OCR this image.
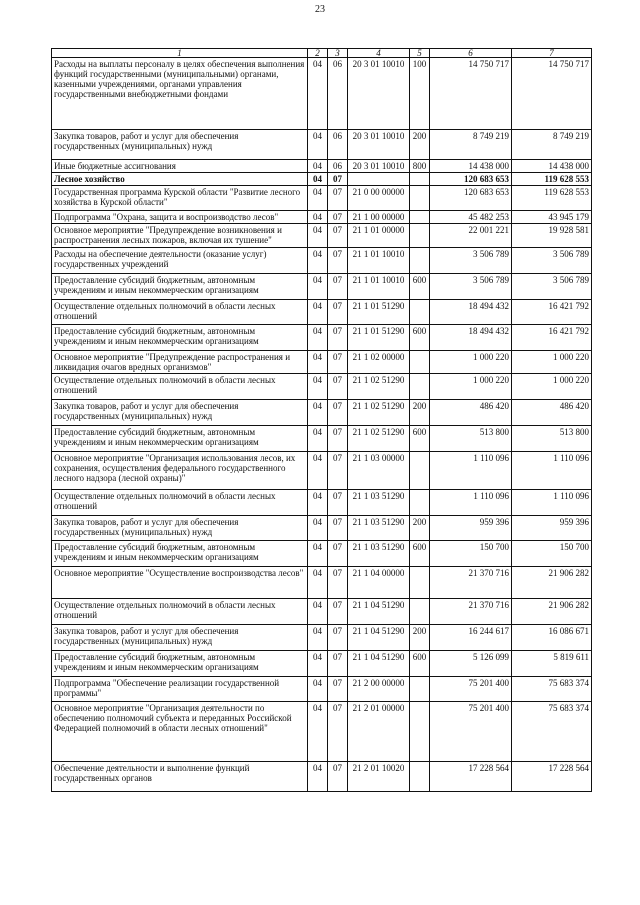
23
1	2	3	4	5	6	7
Расходы на выплаты персоналу в целях обеспечения выполнения функций государственными (муниципальными) органами, казенными учреждениями, органами управления государственными внебюджетными фондами	04	06	20 3 01 10010	100	14 750 717	14 750 717
Закупка товаров, работ и услуг для обеспечения государственных (муниципальных) нужд	04	06	20 3 01 10010	200	8 749 219	8 749 219
Иные бюджетные ассигнования	04	06	20 3 01 10010	800	14 438 000	14 438 000
Лесное хозяйство	04	07			120 683 653	119 628 553
Государственная программа Курской области "Развитие лесного хозяйства в Курской области"	04	07	21 0 00 00000		120 683 653	119 628 553
Подпрограмма "Охрана, защита и воспроизводство лесов"	04	07	21 1 00 00000		45 482 253	43 945 179
Основное мероприятие "Предупреждение возникновения и распространения лесных пожаров, включая их тушение"	04	07	21 1 01 00000		22 001 221	19 928 581
Расходы на обеспечение деятельности (оказание услуг) государственных учреждений	04	07	21 1 01 10010		3 506 789	3 506 789
Предоставление субсидий бюджетным, автономным учреждениям и иным некоммерческим организациям	04	07	21 1 01 10010	600	3 506 789	3 506 789
Осуществление отдельных полномочий в области лесных отношений	04	07	21 1 01 51290		18 494 432	16 421 792
Предоставление субсидий бюджетным, автономным учреждениям и иным некоммерческим организациям	04	07	21 1 01 51290	600	18 494 432	16 421 792
Основное мероприятие "Предупреждение распространения и ликвидация очагов вредных организмов"	04	07	21 1 02 00000		1 000 220	1 000 220
Осуществление отдельных полномочий в области лесных отношений	04	07	21 1 02 51290		1 000 220	1 000 220
Закупка товаров, работ и услуг для обеспечения государственных (муниципальных) нужд	04	07	21 1 02 51290	200	486 420	486 420
Предоставление субсидий бюджетным, автономным учреждениям и иным некоммерческим организациям	04	07	21 1 02 51290	600	513 800	513 800
Основное мероприятие "Организация использования лесов, их сохранения, осуществления федерального государственного лесного надзора (лесной охраны)"	04	07	21 1 03 00000		1 110 096	1 110 096
Осуществление отдельных полномочий в области лесных отношений	04	07	21 1 03 51290		1 110 096	1 110 096
Закупка товаров, работ и услуг для обеспечения государственных (муниципальных) нужд	04	07	21 1 03 51290	200	959 396	959 396
Предоставление субсидий бюджетным, автономным учреждениям и иным некоммерческим организациям	04	07	21 1 03 51290	600	150 700	150 700
Основное мероприятие "Осуществление воспроизводства лесов"	04	07	21 1 04 00000		21 370 716	21 906 282
Осуществление отдельных полномочий в области лесных отношений	04	07	21 1 04 51290		21 370 716	21 906 282
Закупка товаров, работ и услуг для обеспечения государственных (муниципальных) нужд	04	07	21 1 04 51290	200	16 244 617	16 086 671
Предоставление субсидий бюджетным, автономным учреждениям и иным некоммерческим организациям	04	07	21 1 04 51290	600	5 126 099	5 819 611
Подпрограмма "Обеспечение реализации государственной программы"	04	07	21 2 00 00000		75 201 400	75 683 374
Основное мероприятие "Организация деятельности по обеспечению полномочий субъекта и переданных Российской Федерацией полномочий в области лесных отношений"	04	07	21 2 01 00000		75 201 400	75 683 374
Обеспечение деятельности и выполнение функций государственных органов	04	07	21 2 01 10020		17 228 564	17 228 564
